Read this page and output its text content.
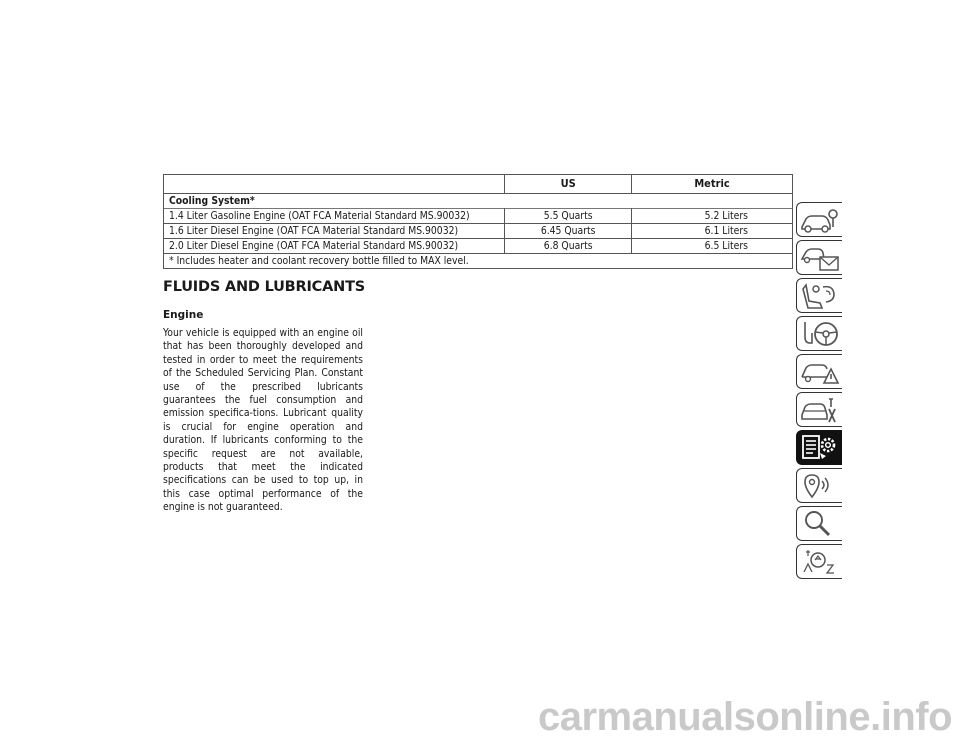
	US	Metric
Cooling System*		
1.4 Liter Gasoline Engine (OAT FCA Material Standard MS.90032)	5.5 Quarts	5.2 Liters
1.6 Liter Diesel Engine (OAT FCA Material Standard MS.90032)	6.45 Quarts	6.1 Liters
2.0 Liter Diesel Engine (OAT FCA Material Standard MS.90032)	6.8 Quarts	6.5 Liters
* Includes heater and coolant recovery bottle filled to MAX level.		
FLUIDS AND LUBRICANTS
Engine

Your vehicle is equipped with an engine oil that has been thoroughly developed and tested in order to meet the requirements of the Scheduled Servicing Plan. Constant use of the prescribed lubricants guarantees the fuel consumption and emission specifica-tions. Lubricant quality is crucial for engine operation and duration. If lubricants conforming to the specific request are not available, products that meet the indicated specifications can be used to top up, in this case optimal performance of the engine is not guaranteed.

carmanualsonline.info
